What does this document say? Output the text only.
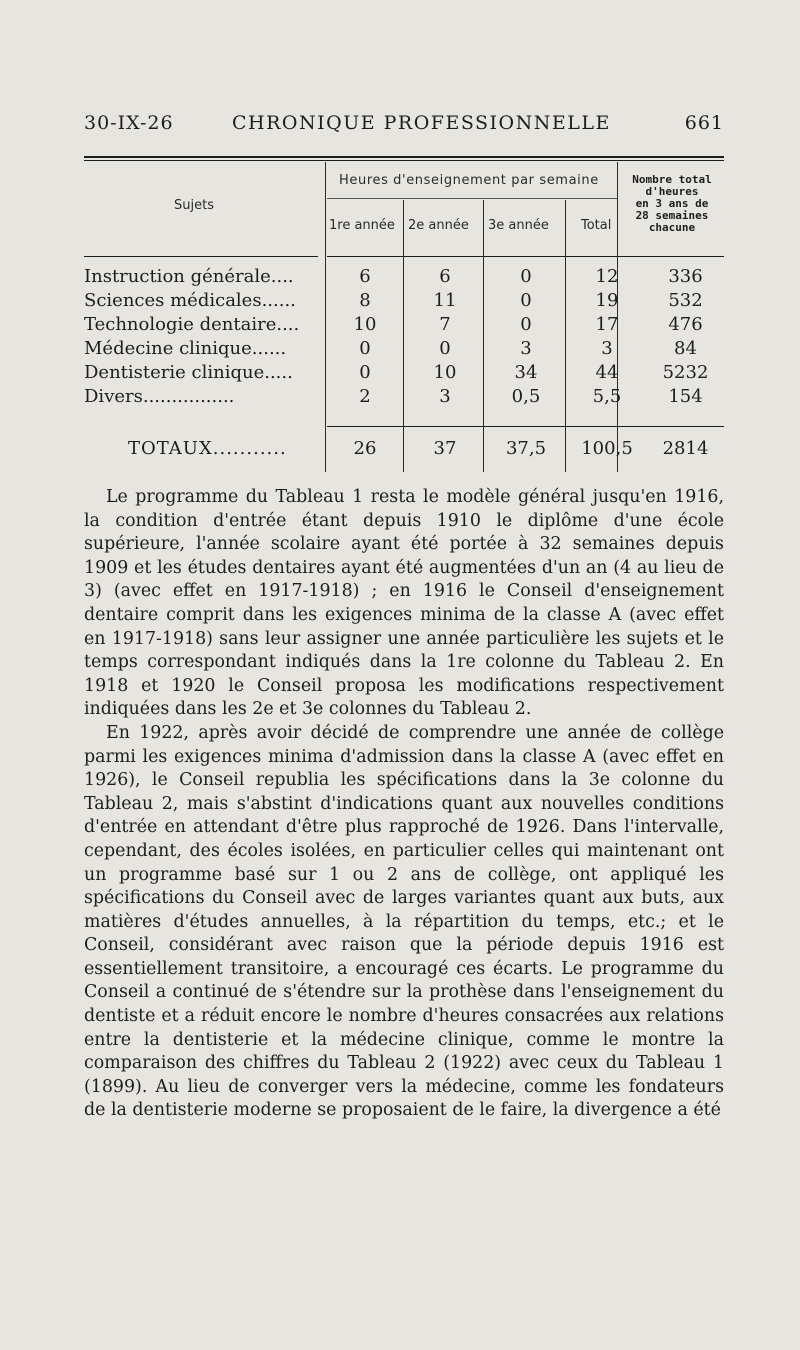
30-IX-26	CHRONIQUE PROFESSIONNELLE	661
Sujets
Heures d'enseignement par semaine
1re année 2e année 3e année Total
Nombre total
d'heures
en 3 ans de
28 semaines
chacune
Instruction générale....	6	6	0	12	336
Sciences médicales......	8	11	0	19	532
Technologie dentaire....	10	7	0	17	476
Médecine clinique......	0	0	3	3	84
Dentisterie clinique.....	0	10	34	44	5232
Divers................	2	3	0,5	5,5	154
TOTAUX...........	26	37	37,5	100,5	2814

Le programme du Tableau 1 resta le modèle général jusqu'en 1916, la condition d'entrée étant depuis 1910 le diplôme d'une école supérieure, l'année scolaire ayant été portée à 32 semaines depuis 1909 et les études dentaires ayant été augmentées d'un an (4 au lieu de 3) (avec effet en 1917-1918) ; en 1916 le Conseil d'enseignement dentaire comprit dans les exigences minima de la classe A (avec effet en 1917-1918) sans leur assigner une année particulière les sujets et le temps correspondant indiqués dans la 1re colonne du Tableau 2. En 1918 et 1920 le Conseil proposa les modifications respectivement indiquées dans les 2e et 3e colonnes du Tableau 2.

En 1922, après avoir décidé de comprendre une année de collège parmi les exigences minima d'admission dans la classe A (avec effet en 1926), le Conseil republia les spécifications dans la 3e colonne du Tableau 2, mais s'abstint d'indications quant aux nouvelles conditions d'entrée en attendant d'être plus rapproché de 1926. Dans l'intervalle, cependant, des écoles isolées, en particulier celles qui maintenant ont un programme basé sur 1 ou 2 ans de collège, ont appliqué les spécifications du Conseil avec de larges variantes quant aux buts, aux matières d'études annuelles, à la répartition du temps, etc.; et le Conseil, considérant avec raison que la période depuis 1916 est essentiellement transitoire, a encouragé ces écarts. Le programme du Conseil a continué de s'étendre sur la prothèse dans l'enseignement du dentiste et a réduit encore le nombre d'heures consacrées aux relations entre la dentisterie et la médecine clinique, comme le montre la comparaison des chiffres du Tableau 2 (1922) avec ceux du Tableau 1 (1899). Au lieu de converger vers la médecine, comme les fondateurs de la dentisterie moderne se proposaient de le faire, la divergence a été
